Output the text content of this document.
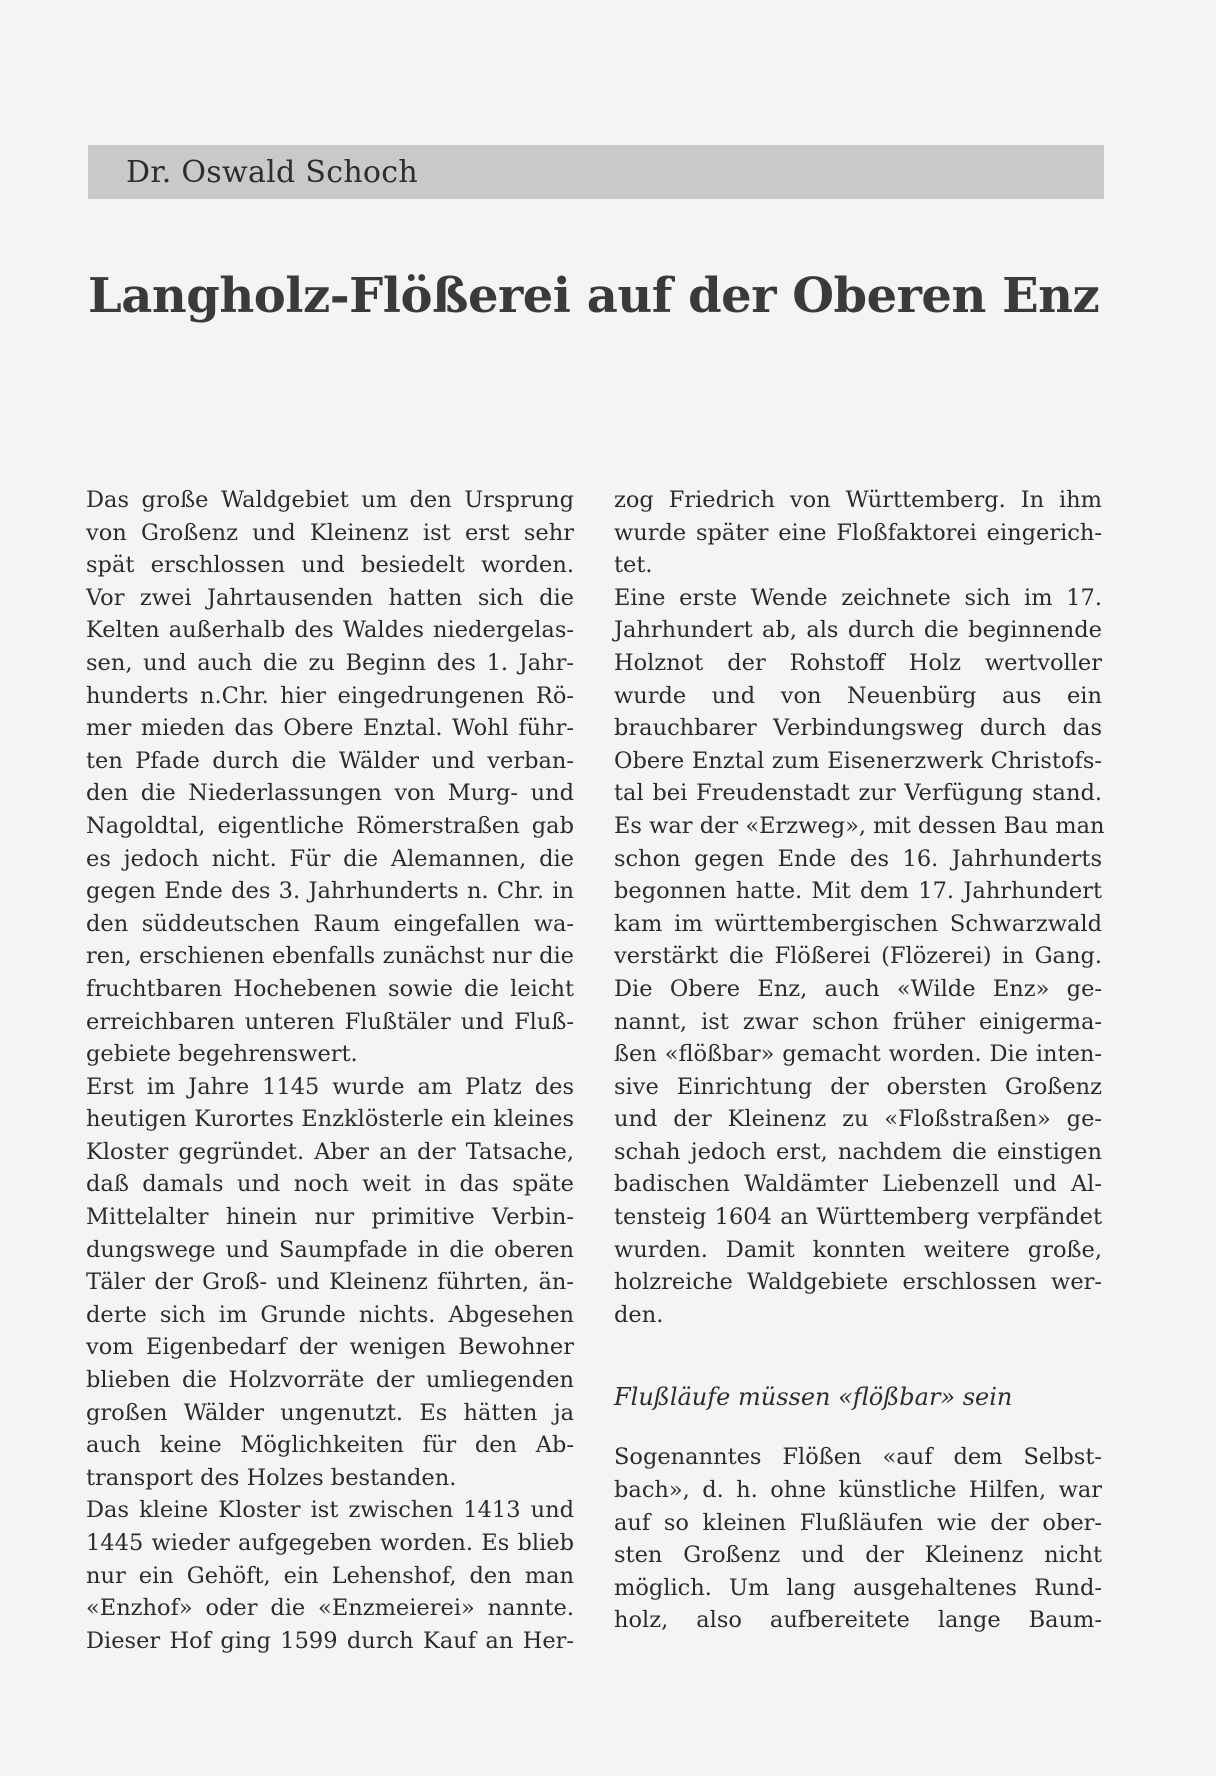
Dr. Oswald Schoch
Langholz-Flößerei auf der Oberen Enz
Das große Waldgebiet um den Ursprung
von Großenz und Kleinenz ist erst sehr
spät erschlossen und besiedelt worden.
Vor zwei Jahrtausenden hatten sich die
Kelten außerhalb des Waldes niedergelas-
sen, und auch die zu Beginn des 1. Jahr-
hunderts n.Chr. hier eingedrungenen Rö-
mer mieden das Obere Enztal. Wohl führ-
ten Pfade durch die Wälder und verban-
den die Niederlassungen von Murg- und
Nagoldtal, eigentliche Römerstraßen gab
es jedoch nicht. Für die Alemannen, die
gegen Ende des 3. Jahrhunderts n. Chr. in
den süddeutschen Raum eingefallen wa-
ren, erschienen ebenfalls zunächst nur die
fruchtbaren Hochebenen sowie die leicht
erreichbaren unteren Flußtäler und Fluß-
gebiete begehrenswert.
Erst im Jahre 1145 wurde am Platz des
heutigen Kurortes Enzklösterle ein kleines
Kloster gegründet. Aber an der Tatsache,
daß damals und noch weit in das späte
Mittelalter hinein nur primitive Verbin-
dungswege und Saumpfade in die oberen
Täler der Groß- und Kleinenz führten, än-
derte sich im Grunde nichts. Abgesehen
vom Eigenbedarf der wenigen Bewohner
blieben die Holzvorräte der umliegenden
großen Wälder ungenutzt. Es hätten ja
auch keine Möglichkeiten für den Ab-
transport des Holzes bestanden.
Das kleine Kloster ist zwischen 1413 und
1445 wieder aufgegeben worden. Es blieb
nur ein Gehöft, ein Lehenshof, den man
«Enzhof» oder die «Enzmeierei» nannte.
Dieser Hof ging 1599 durch Kauf an Her-
zog Friedrich von Württemberg. In ihm
wurde später eine Floßfaktorei eingerich-
tet.
Eine erste Wende zeichnete sich im 17.
Jahrhundert ab, als durch die beginnende
Holznot der Rohstoff Holz wertvoller
wurde und von Neuenbürg aus ein
brauchbarer Verbindungsweg durch das
Obere Enztal zum Eisenerzwerk Christofs-
tal bei Freudenstadt zur Verfügung stand.
Es war der «Erzweg», mit dessen Bau man
schon gegen Ende des 16. Jahrhunderts
begonnen hatte. Mit dem 17. Jahrhundert
kam im württembergischen Schwarzwald
verstärkt die Flößerei (Flözerei) in Gang.
Die Obere Enz, auch «Wilde Enz» ge-
nannt, ist zwar schon früher einigerma-
ßen «flößbar» gemacht worden. Die inten-
sive Einrichtung der obersten Großenz
und der Kleinenz zu «Floßstraßen» ge-
schah jedoch erst, nachdem die einstigen
badischen Waldämter Liebenzell und Al-
tensteig 1604 an Württemberg verpfändet
wurden. Damit konnten weitere große,
holzreiche Waldgebiete erschlossen wer-
den.
Flußläufe müssen «flößbar» sein
Sogenanntes Flößen «auf dem Selbst-
bach», d. h. ohne künstliche Hilfen, war
auf so kleinen Flußläufen wie der ober-
sten Großenz und der Kleinenz nicht
möglich. Um lang ausgehaltenes Rund-
holz, also aufbereitete lange Baum-
